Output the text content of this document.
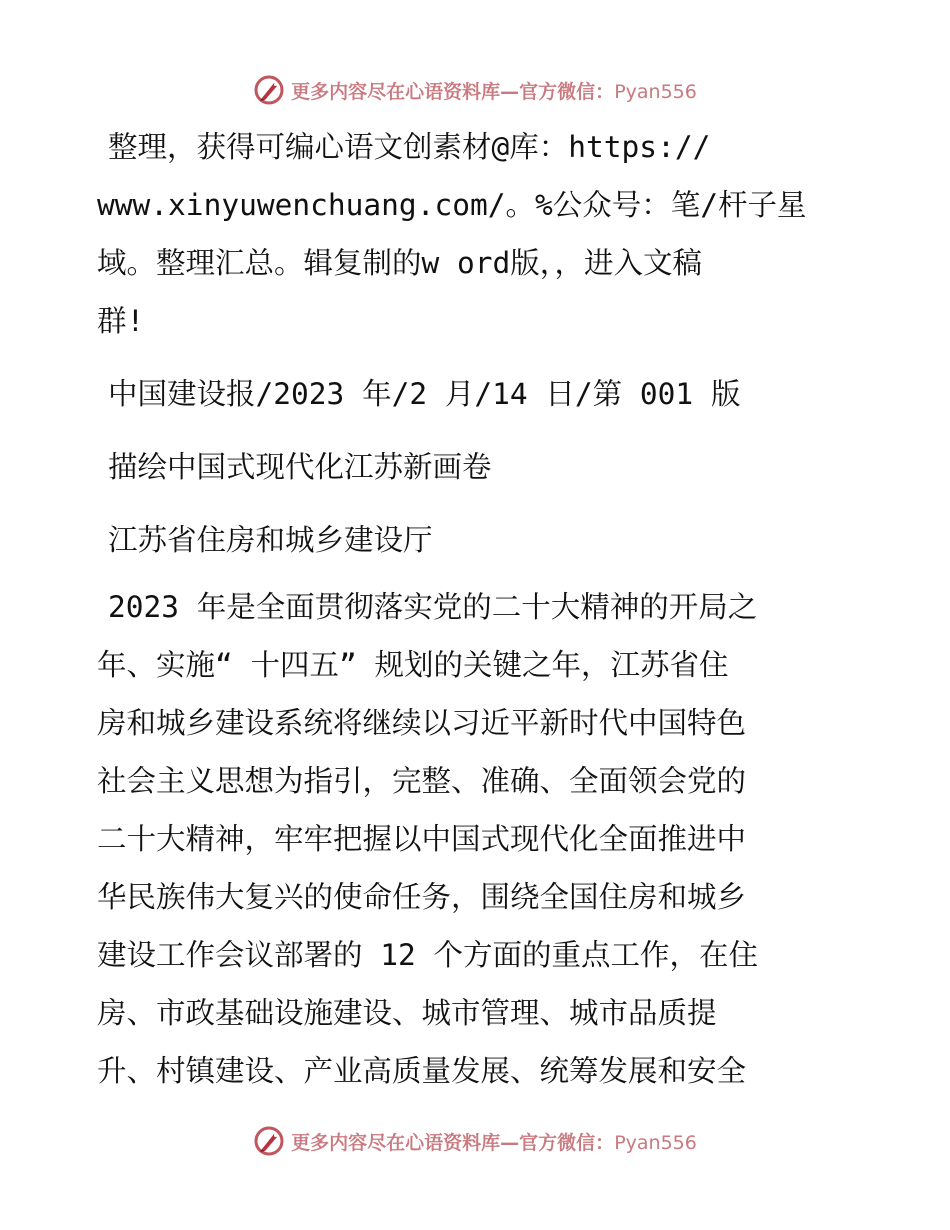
更多内容尽在心语资料库—官方微信：Pyan556

整理，获得可编心语文创素材@库：https://

www.xinyuwenchuang.com/。%公众号：笔/杆子星

域。整理汇总。辑复制的w ord版，，进入文稿

群!

中国建设报/2023 年/2 月/14 日/第 001 版

描绘中国式现代化江苏新画卷

江苏省住房和城乡建设厅

2023 年是全面贯彻落实党的二十大精神的开局之

年、实施“ 十四五” 规划的关键之年，江苏省住

房和城乡建设系统将继续以习近平新时代中国特色

社会主义思想为指引，完整、准确、全面领会党的

二十大精神，牢牢把握以中国式现代化全面推进中

华民族伟大复兴的使命任务，围绕全国住房和城乡

建设工作会议部署的 12 个方面的重点工作，在住

房、市政基础设施建设、城市管理、城市品质提

升、村镇建设、产业高质量发展、统筹发展和安全

更多内容尽在心语资料库—官方微信：Pyan556
